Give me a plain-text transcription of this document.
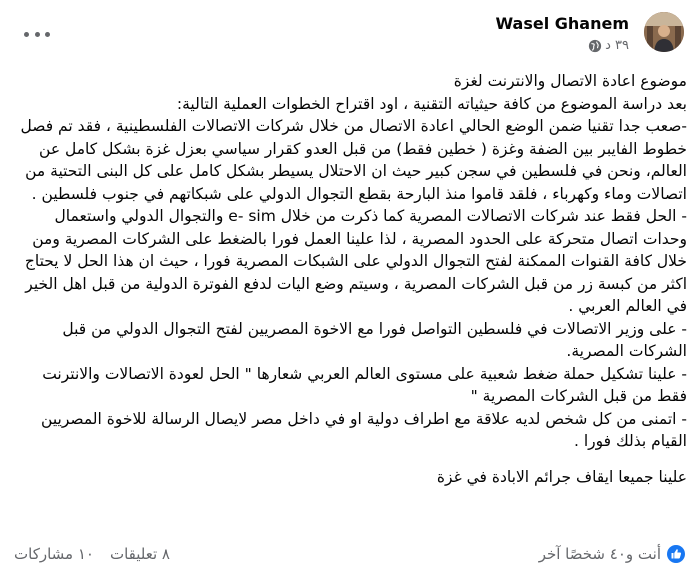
Wasel Ghanem
٣٩ د

موضوع اعادة الاتصال والانترنت لغزة

بعد دراسة الموضوع من كافة حيثياته التقنية ، اود اقتراح الخطوات العملية التالية:

-صعب جدا تقنيا ضمن الوضع الحالي اعادة الاتصال من خلال شركات الاتصالات الفلسطينية ، فقد تم فصل خطوط الفايبر بين الضفة وغزة ( خطين فقط) من قبل العدو كقرار سياسي بعزل غزة بشكل كامل عن العالم، ونحن في فلسطين في سجن كبير حيث ان الاحتلال يسيطر بشكل كامل على كل البنى التحتية من اتصالات وماء وكهرباء ، فلقد قاموا منذ البارحة بقطع التجوال الدولي على شبكاتهم في جنوب فلسطين .

- الحل فقط عند شركات الاتصالات المصرية كما ذكرت من خلال e- sim والتجوال الدولي واستعمال وحدات اتصال متحركة على الحدود المصرية ، لذا علينا العمل فورا بالضغط على الشركات المصرية ومن خلال كافة القنوات الممكنة لفتح التجوال الدولي على الشبكات المصرية فورا ، حيث ان هذا الحل لا يحتاج اكثر من كبسة زر من قبل الشركات المصرية ، وسيتم وضع اليات لدفع الفوترة الدولية من قبل اهل الخير في العالم العربي .

- على وزير الاتصالات في فلسطين التواصل فورا مع الاخوة المصريين لفتح التجوال الدولي من قبل الشركات المصرية.

- علينا تشكيل حملة ضغط شعبية على مستوى العالم العربي شعارها " الحل لعودة الاتصالات والانترنت فقط من قبل الشركات المصرية "

- اتمنى من كل شخص لديه علاقة مع اطراف دولية او في داخل مصر لايصال الرسالة للاخوة المصريين القيام بذلك فورا .

علينا جميعا ايقاف جرائم الابادة في غزة

أنت و٤٠ شخصًا آخر
٨ تعليقات
١٠ مشاركات
